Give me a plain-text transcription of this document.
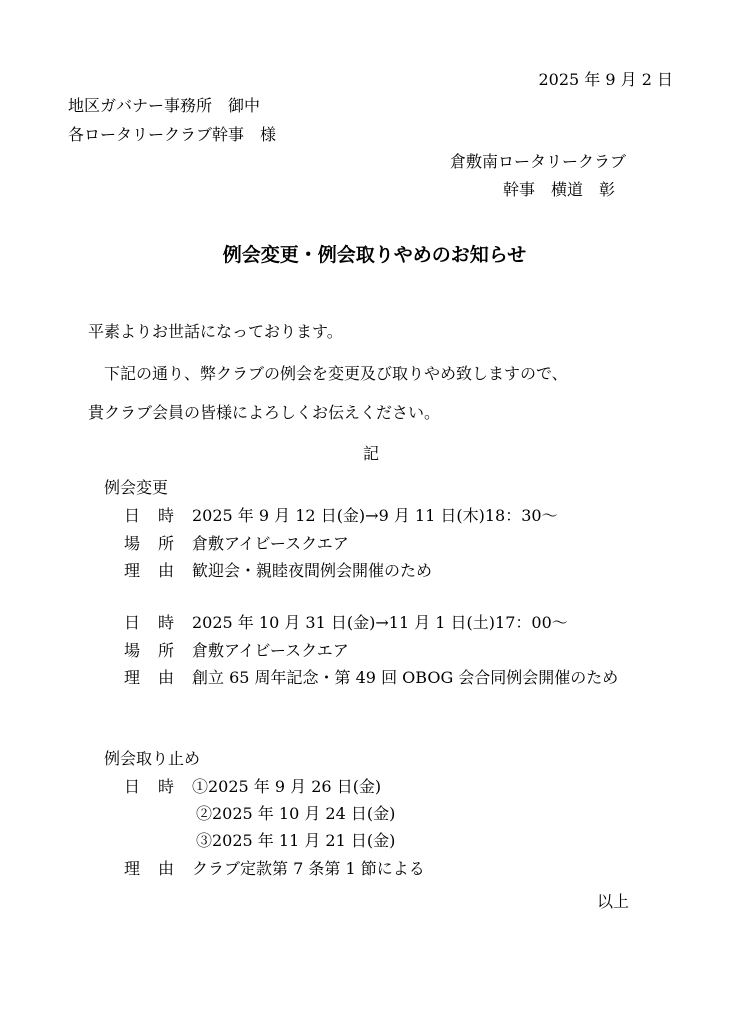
2025 年 9 月 2 日
地区ガバナー事務所　御中
各ロータリークラブ幹事　様
倉敷南ロータリークラブ
幹事　横道　彰
例会変更・例会取りやめのお知らせ
平素よりお世話になっております。
下記の通り、弊クラブの例会を変更及び取りやめ致しますので、
貴クラブ会員の皆様によろしくお伝えください。
記
例会変更
日 時	2025 年 9 月 12 日(金)→9 月 11 日(木)18：30～
場 所	倉敷アイビースクエア
理 由	歓迎会・親睦夜間例会開催のため
日 時	2025 年 10 月 31 日(金)→11 月 1 日(土)17：00～
場 所	倉敷アイビースクエア
理 由	創立 65 周年記念・第 49 回 OBOG 会合同例会開催のため
例会取り止め
日 時	①2025 年 9 月 26 日(金)
②2025 年 10 月 24 日(金)
③2025 年 11 月 21 日(金)
理 由	クラブ定款第 7 条第 1 節による
以上
